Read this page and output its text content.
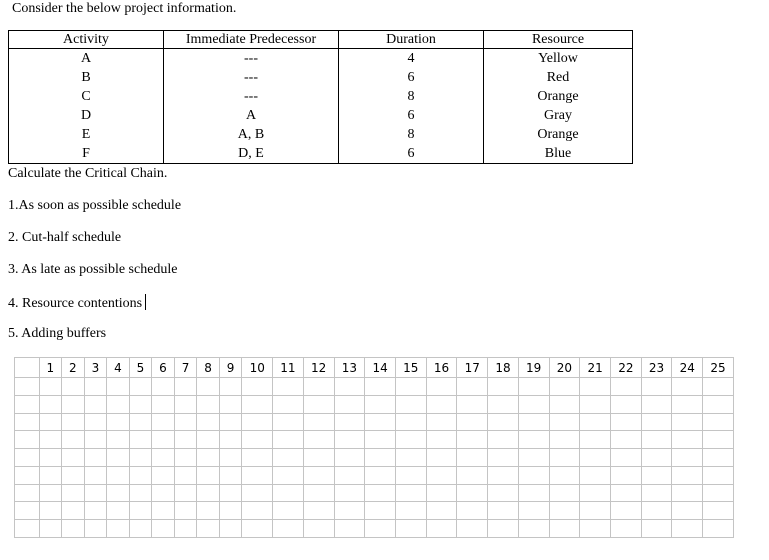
Consider the below project information.
Activity	Immediate Predecessor	Duration	Resource
A	---	4	Yellow
B	---	6	Red
C	---	8	Orange
D	A	6	Gray
E	A, B	8	Orange
F	D, E	6	Blue
Calculate the Critical Chain.
1.As soon as possible schedule
2. Cut-half schedule
3. As late as possible schedule
4. Resource contentions
5. Adding buffers
	1	2	3	4	5	6	7	8	9	10	11	12	13	14	15	16	17	18	19	20	21	22	23	24	25
